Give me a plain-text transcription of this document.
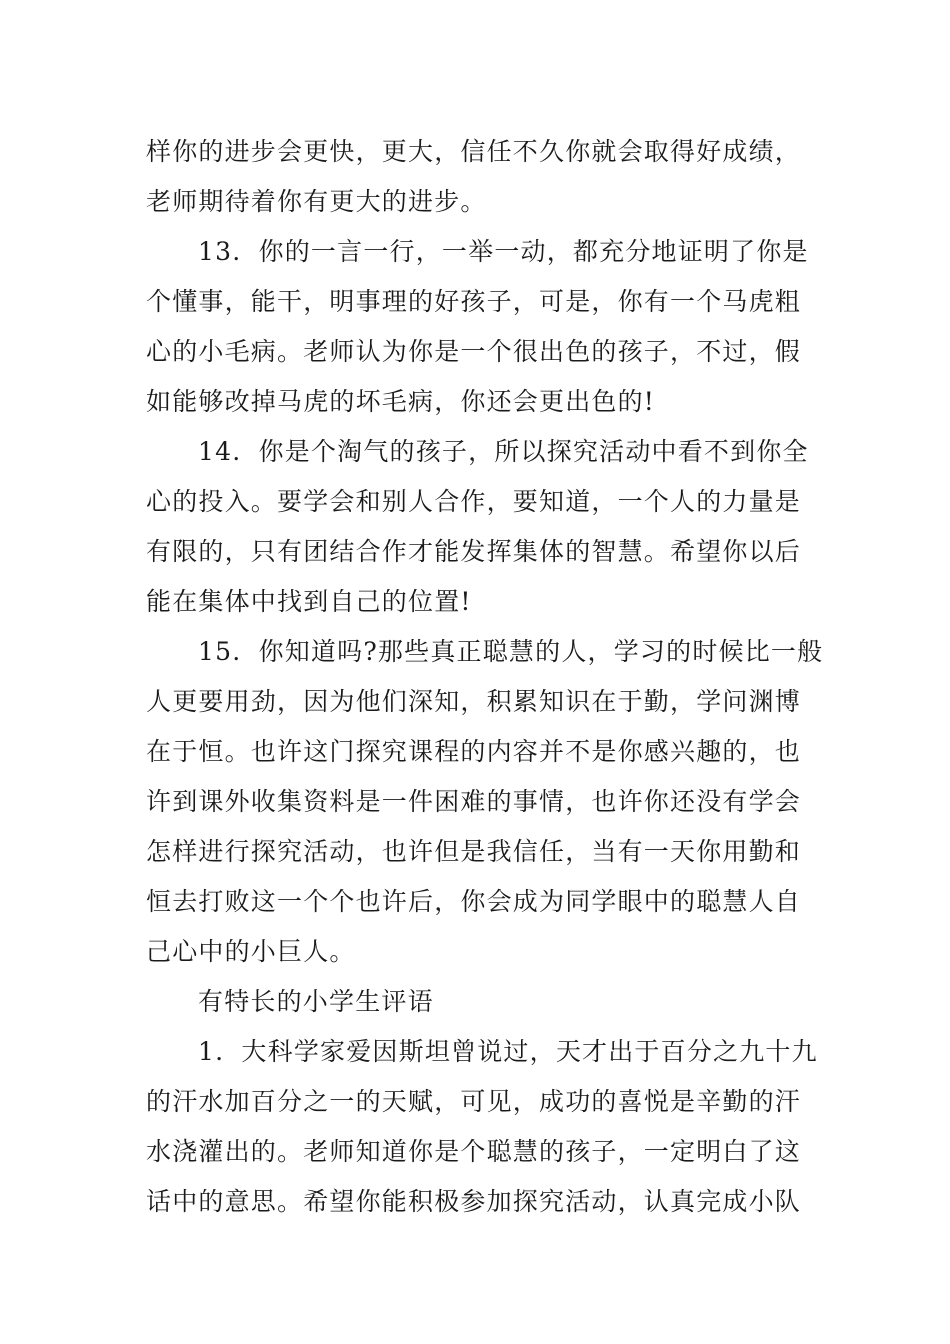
样你的进步会更快，更大，信任不久你就会取得好成绩，
老师期待着你有更大的进步。
13. 你的一言一行，一举一动，都充分地证明了你是
个懂事，能干，明事理的好孩子，可是，你有一个马虎粗
心的小毛病。老师认为你是一个很出色的孩子，不过，假
如能够改掉马虎的坏毛病，你还会更出色的!
14. 你是个淘气的孩子，所以探究活动中看不到你全
心的投入。要学会和别人合作，要知道，一个人的力量是
有限的，只有团结合作才能发挥集体的智慧。希望你以后
能在集体中找到自己的位置!
15. 你知道吗?那些真正聪慧的人，学习的时候比一般
人更要用劲，因为他们深知，积累知识在于勤，学问渊博
在于恒。也许这门探究课程的内容并不是你感兴趣的，也
许到课外收集资料是一件困难的事情，也许你还没有学会
怎样进行探究活动，也许但是我信任，当有一天你用勤和
恒去打败这一个个也许后，你会成为同学眼中的聪慧人自
己心中的小巨人。
有特长的小学生评语
1. 大科学家爱因斯坦曾说过，天才出于百分之九十九
的汗水加百分之一的天赋，可见，成功的喜悦是辛勤的汗
水浇灌出的。老师知道你是个聪慧的孩子，一定明白了这
话中的意思。希望你能积极参加探究活动，认真完成小队
